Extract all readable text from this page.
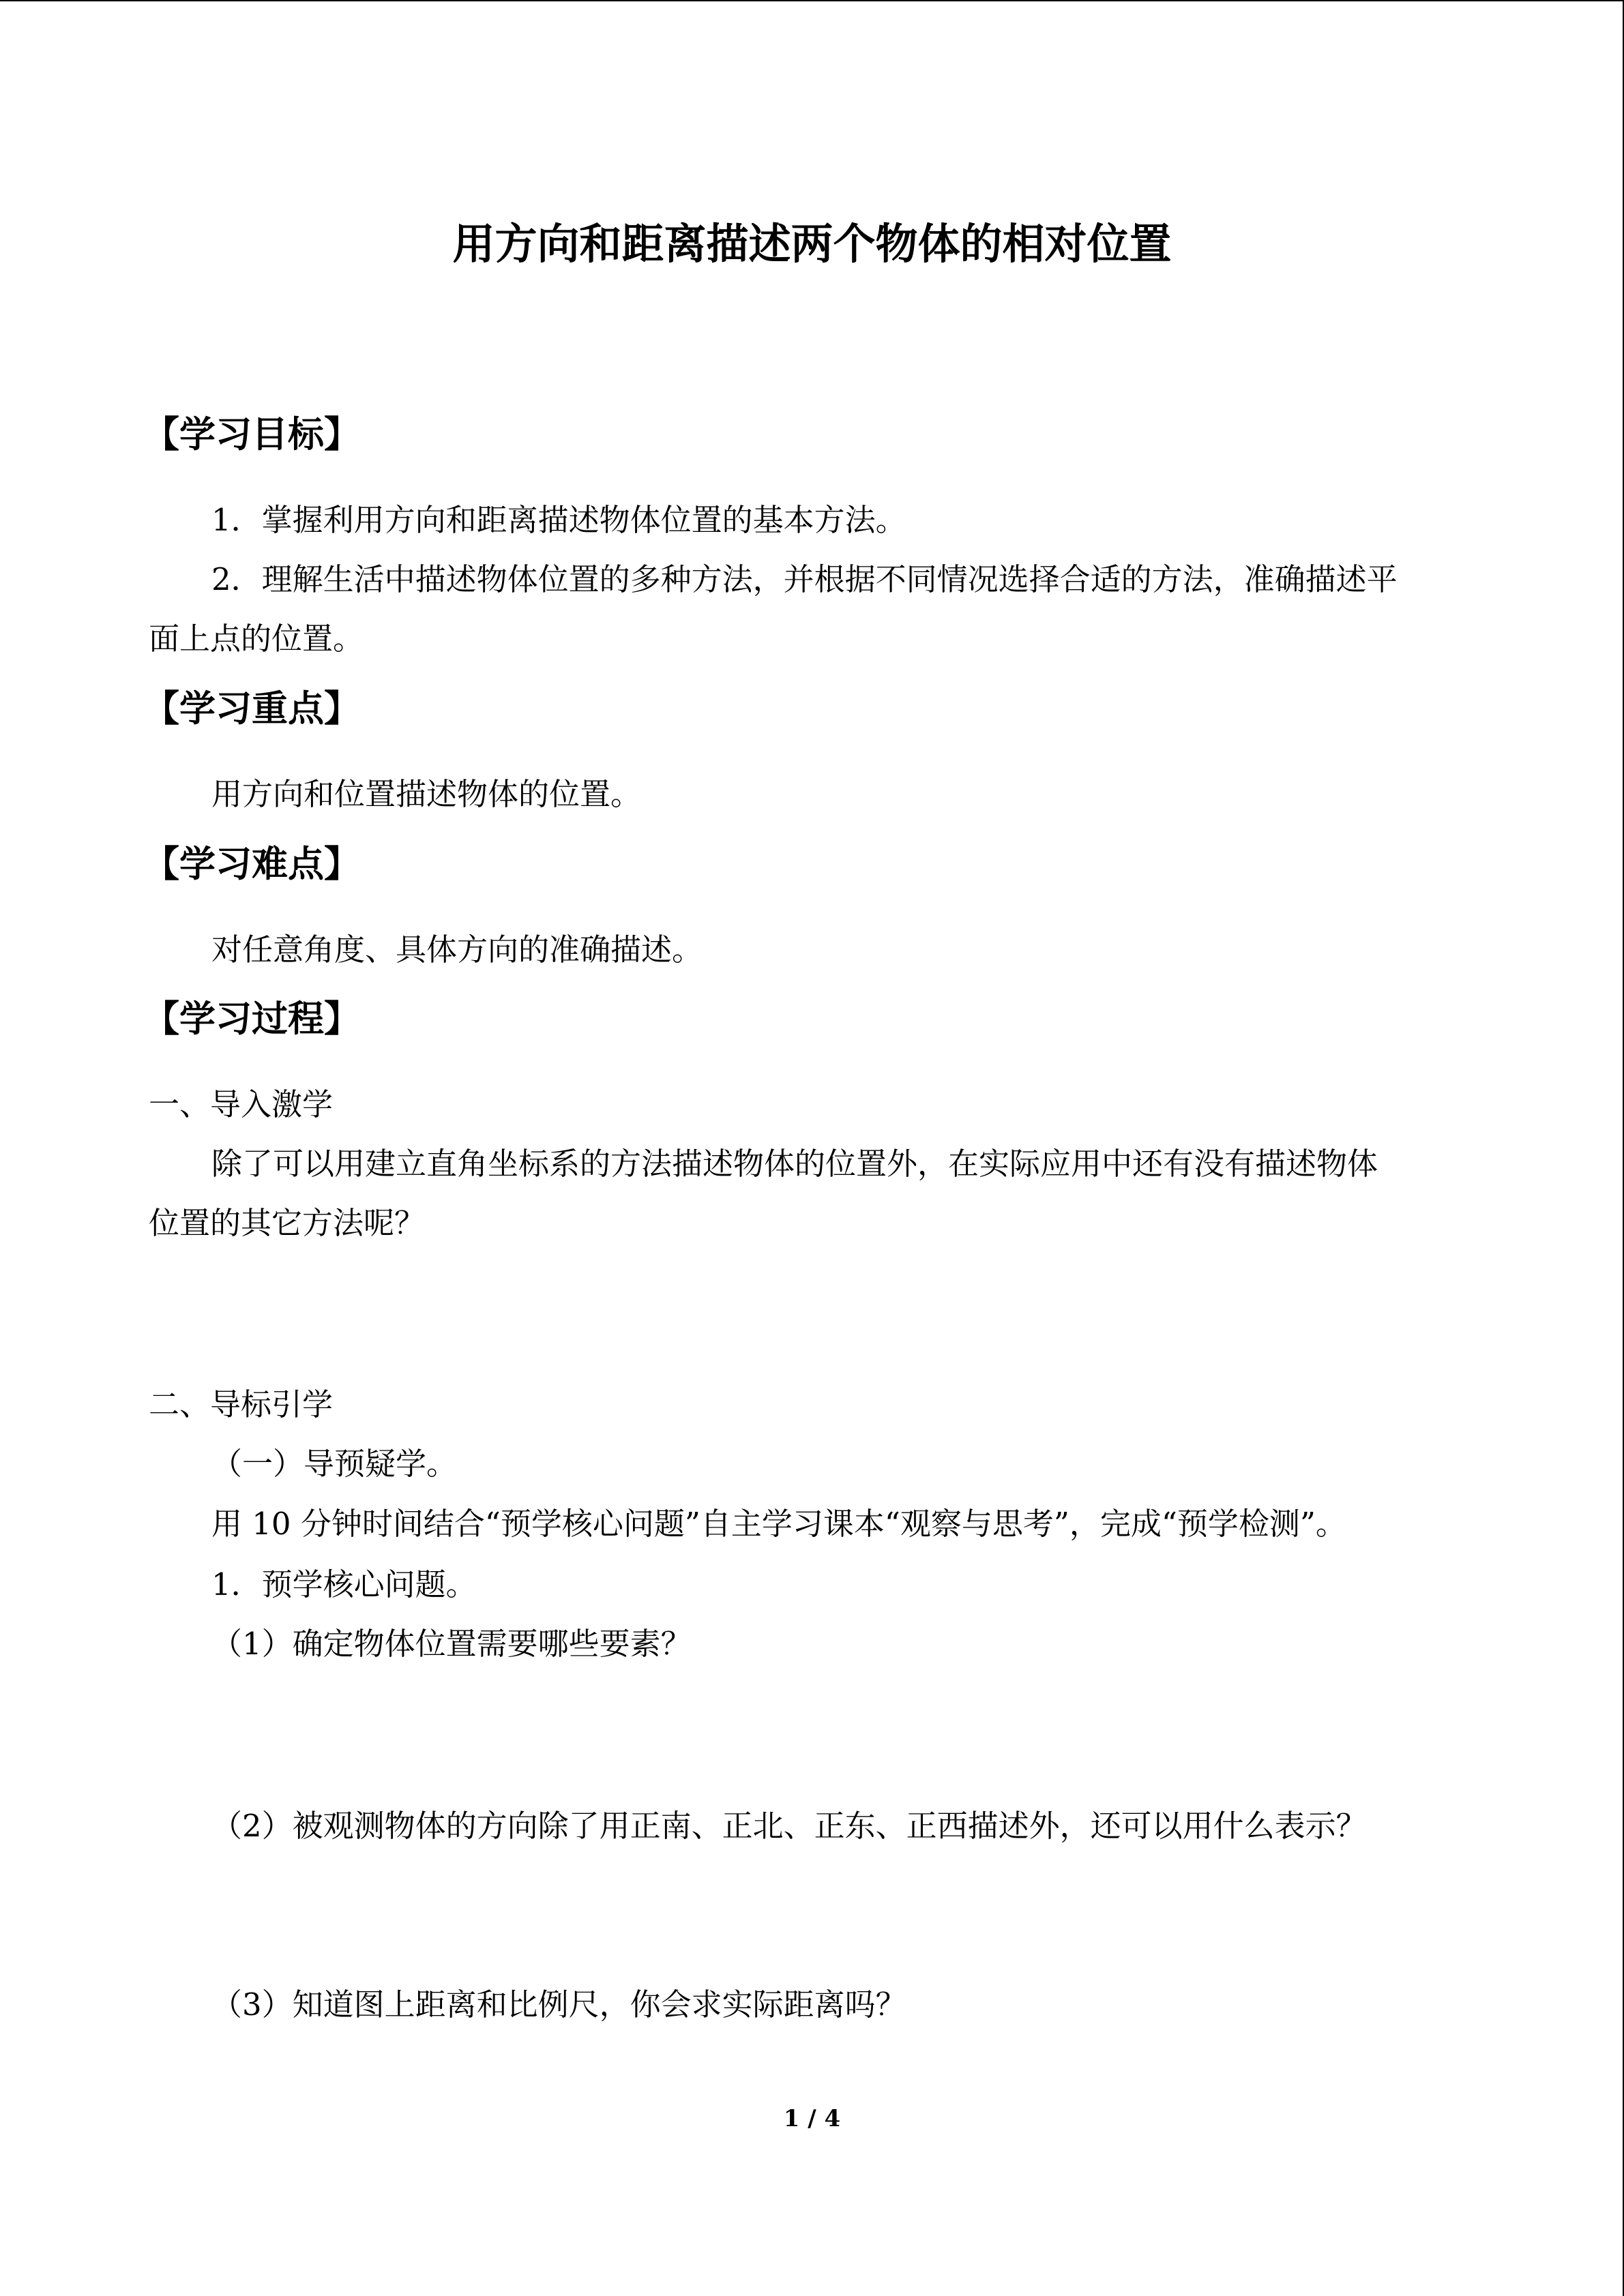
用方向和距离描述两个物体的相对位置
【学习目标】

1．掌握利用方向和距离描述物体位置的基本方法。

2．理解生活中描述物体位置的多种方法，并根据不同情况选择合适的方法，准确描述平

面上点的位置。

【学习重点】

用方向和位置描述物体的位置。

【学习难点】

对任意角度、具体方向的准确描述。

【学习过程】

一、导入激学

除了可以用建立直角坐标系的方法描述物体的位置外，在实际应用中还有没有描述物体

位置的其它方法呢？

二、导标引学

（一）导预疑学。

用 10 分钟时间结合“预学核心问题”自主学习课本“观察与思考”，完成“预学检测”。

1．预学核心问题。

（1）确定物体位置需要哪些要素？

（2）被观测物体的方向除了用正南、正北、正东、正西描述外，还可以用什么表示？

（3）知道图上距离和比例尺，你会求实际距离吗？

1 / 4
